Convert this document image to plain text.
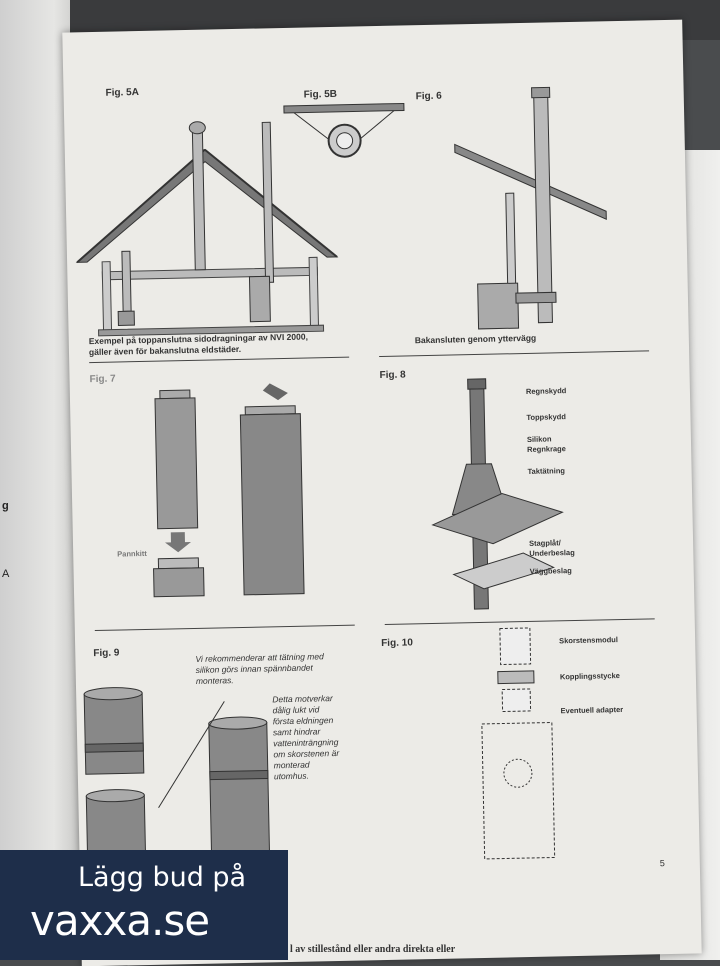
g
A
Fig. 5A	Fig. 5B	Fig. 6
Bakansluten genom yttervägg
Exempel på toppanslutna sidodragningar av NVI 2000,
gäller även för bakanslutna eldstäder.
Fig. 7
Pannkitt
Fig. 8
Regnskydd
Toppskydd
Silikon
Regnkrage
Taktätning
Stagplåt/
Underbeslag
Väggbeslag
Fig. 9	Vi rekommenderar att tätning med
silikon görs innan spännbandet
monteras.
Detta motverkar
dålig lukt vid
första eldningen
samt hindrar
vatteninträngning
om skorstenen är
monterad
utomhus.
Fig. 10	Skorstensmodul
Kopplingsstycke
Eventuell adapter
5
l av stillestånd eller andra direkta eller
Lägg bud på
vaxxa.se
